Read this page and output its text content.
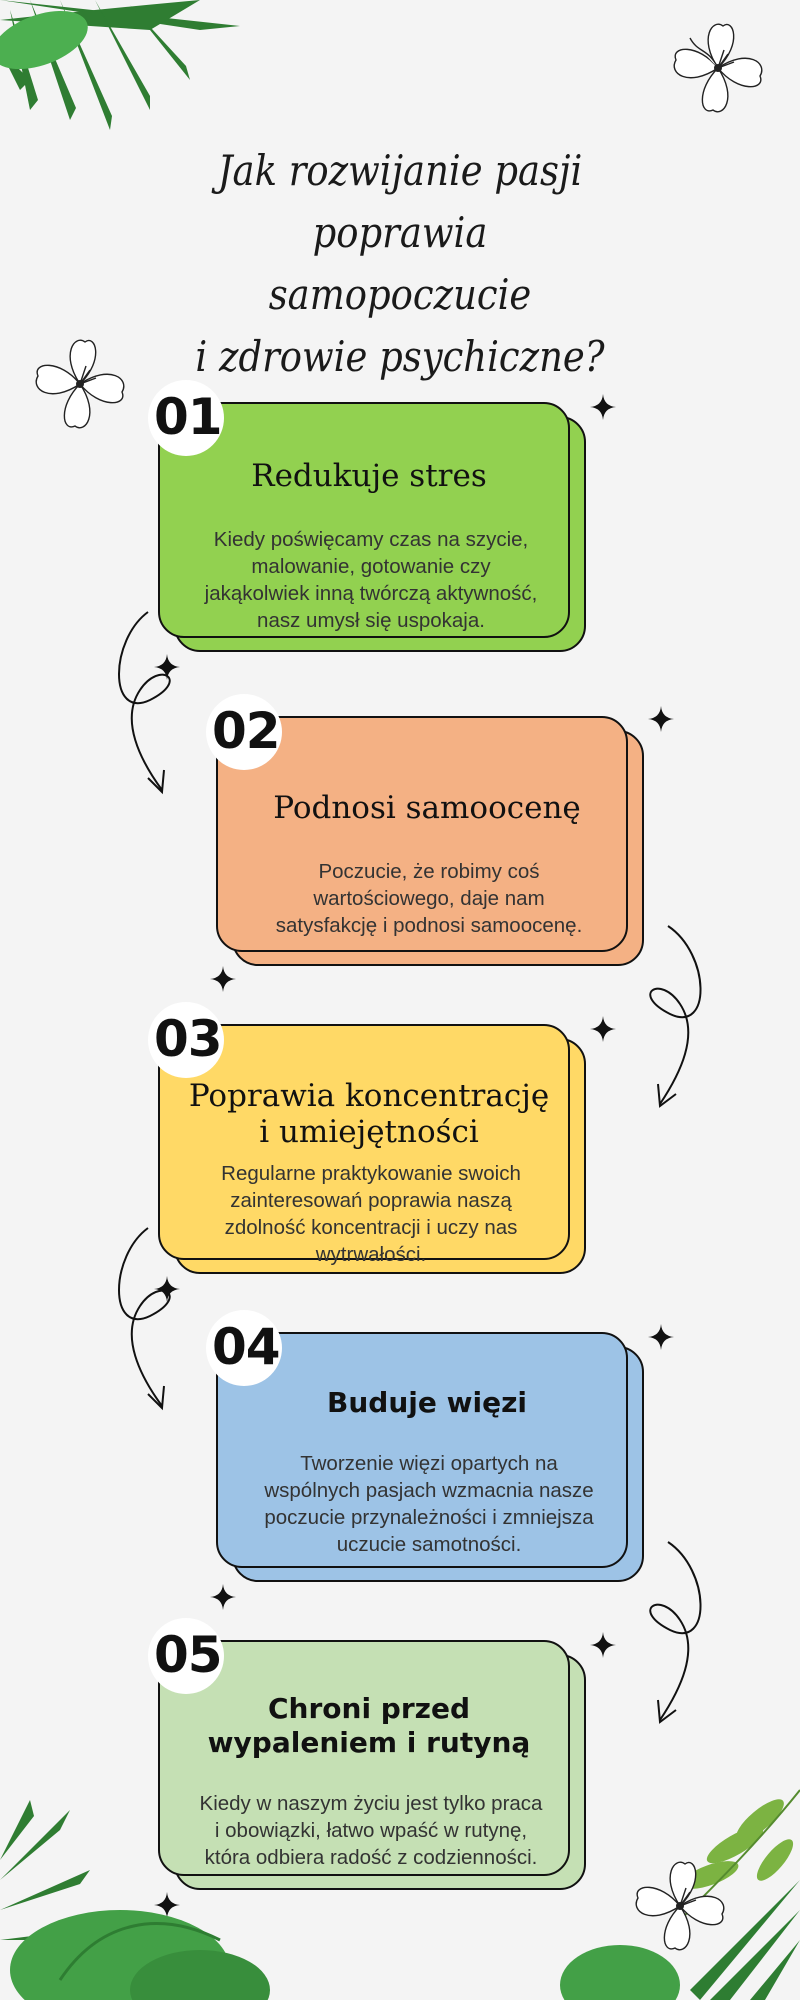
Jak rozwijanie pasji poprawia
samopoczucie
i zdrowie psychiczne?
Redukuje stres
Kiedy poświęcamy czas na szycie,
malowanie, gotowanie czy
jakąkolwiek inną twórczą aktywność,
nasz umysł się uspokaja.
01
Podnosi samoocenę
Poczucie, że robimy coś
wartościowego, daje nam
satysfakcję i podnosi samoocenę.
02
Poprawia koncentrację
i umiejętności
Regularne praktykowanie swoich
zainteresowań poprawia naszą
zdolność koncentracji i uczy nas
wytrwałości.
03
Buduje więzi
Tworzenie więzi opartych na
wspólnych pasjach wzmacnia nasze
poczucie przynależności i zmniejsza
uczucie samotności.
04
Chroni przed
wypaleniem i rutyną
Kiedy w naszym życiu jest tylko praca
i obowiązki, łatwo wpaść w rutynę,
która odbiera radość z codzienności.
05
